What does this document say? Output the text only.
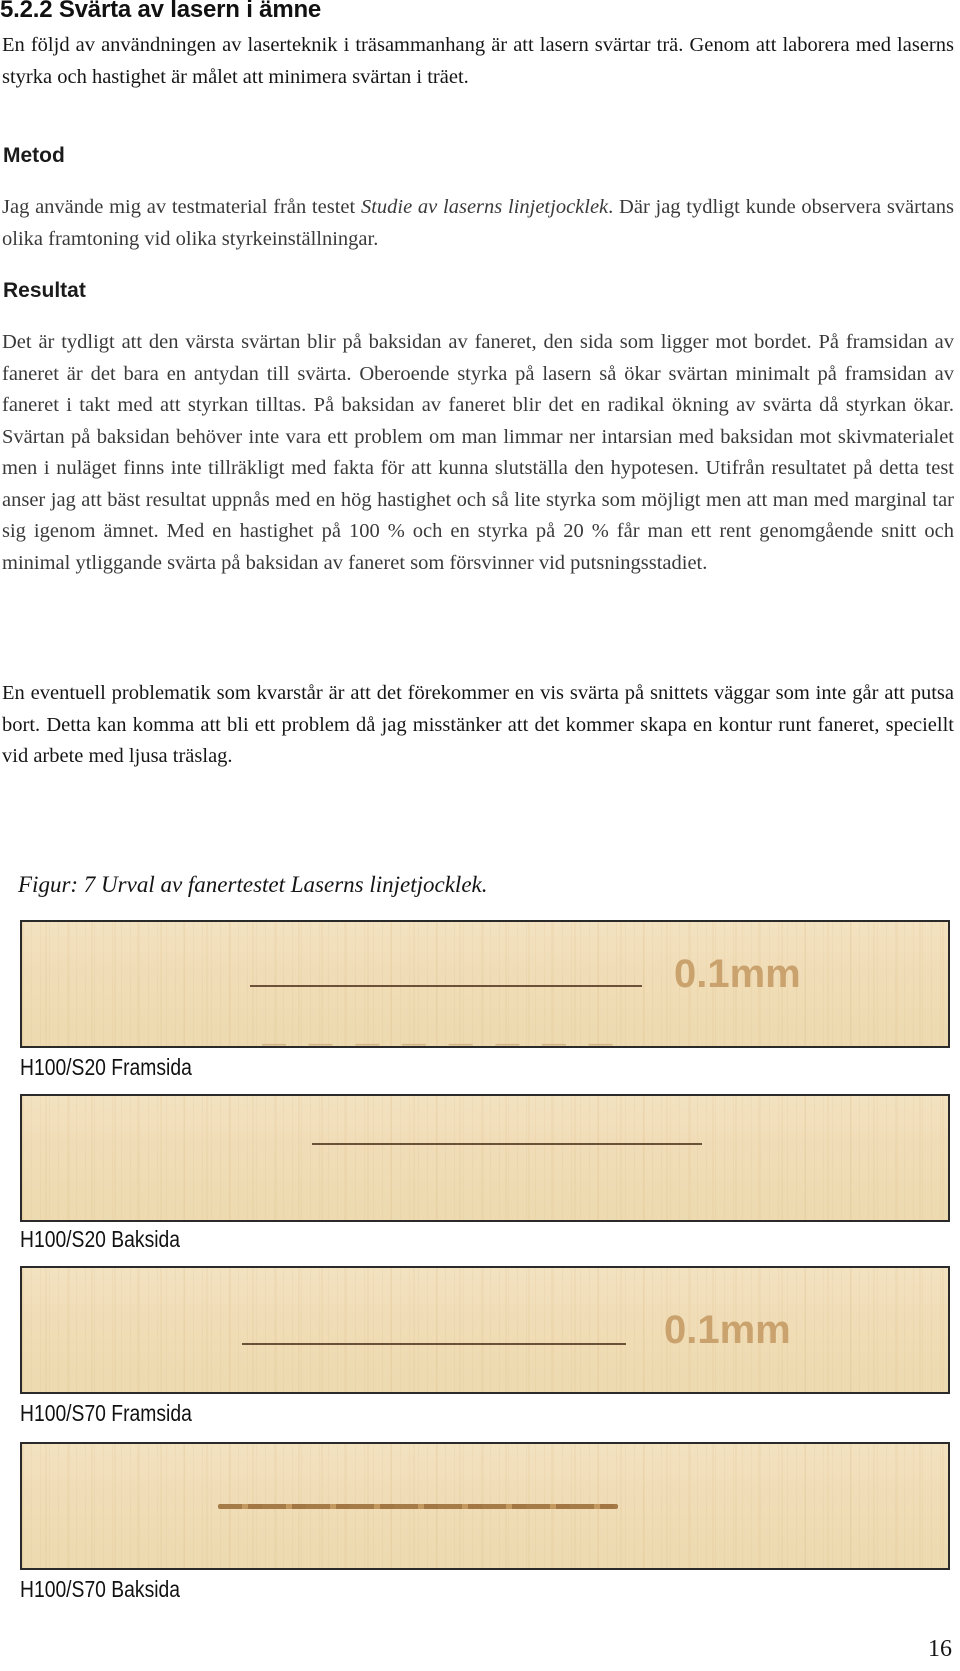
5.2.2 Svärta av lasern i ämne

En följd av användningen av laserteknik i träsammanhang är att lasern svärtar trä. Genom att laborera med laserns styrka och hastighet är målet att minimera svärtan i träet.

Metod

Jag använde mig av testmaterial från testet Studie av laserns linjetjocklek. Där jag tydligt kunde observera svärtans olika framtoning vid olika styrkeinställningar.

Resultat

Det är tydligt att den värsta svärtan blir på baksidan av faneret, den sida som ligger mot bordet. På framsidan av faneret är det bara en antydan till svärta. Oberoende styrka på lasern så ökar svärtan minimalt på framsidan av faneret i takt med att styrkan tilltas. På baksidan av faneret blir det en radikal ökning av svärta då styrkan ökar. Svärtan på baksidan behöver inte vara ett problem om man limmar ner intarsian med baksidan mot skivmaterialet men i nuläget finns inte tillräkligt med fakta för att kunna slutställa den hypotesen. Utifrån resultatet på detta test anser jag att bäst resultat uppnås med en hög hastighet och så lite styrka som möjligt men att man med marginal tar sig igenom ämnet. Med en hastighet på 100 % och en styrka på 20 % får man ett rent genomgående snitt och minimal ytliggande svärta på baksidan av faneret som försvinner vid putsningsstadiet.

En eventuell problematik som kvarstår är att det förekommer en vis svärta på snittets väggar som inte går att putsa bort. Detta kan komma att bli ett problem då jag misstänker att det kommer skapa en kontur runt faneret, speciellt vid arbete med ljusa träslag.

Figur: 7 Urval av fanertestet Laserns linjetjocklek.

0.1mm
— — — — — — — —

H100/S20 Framsida

H100/S20 Baksida

0.1mm

H100/S70 Framsida

H100/S70 Baksida

16
